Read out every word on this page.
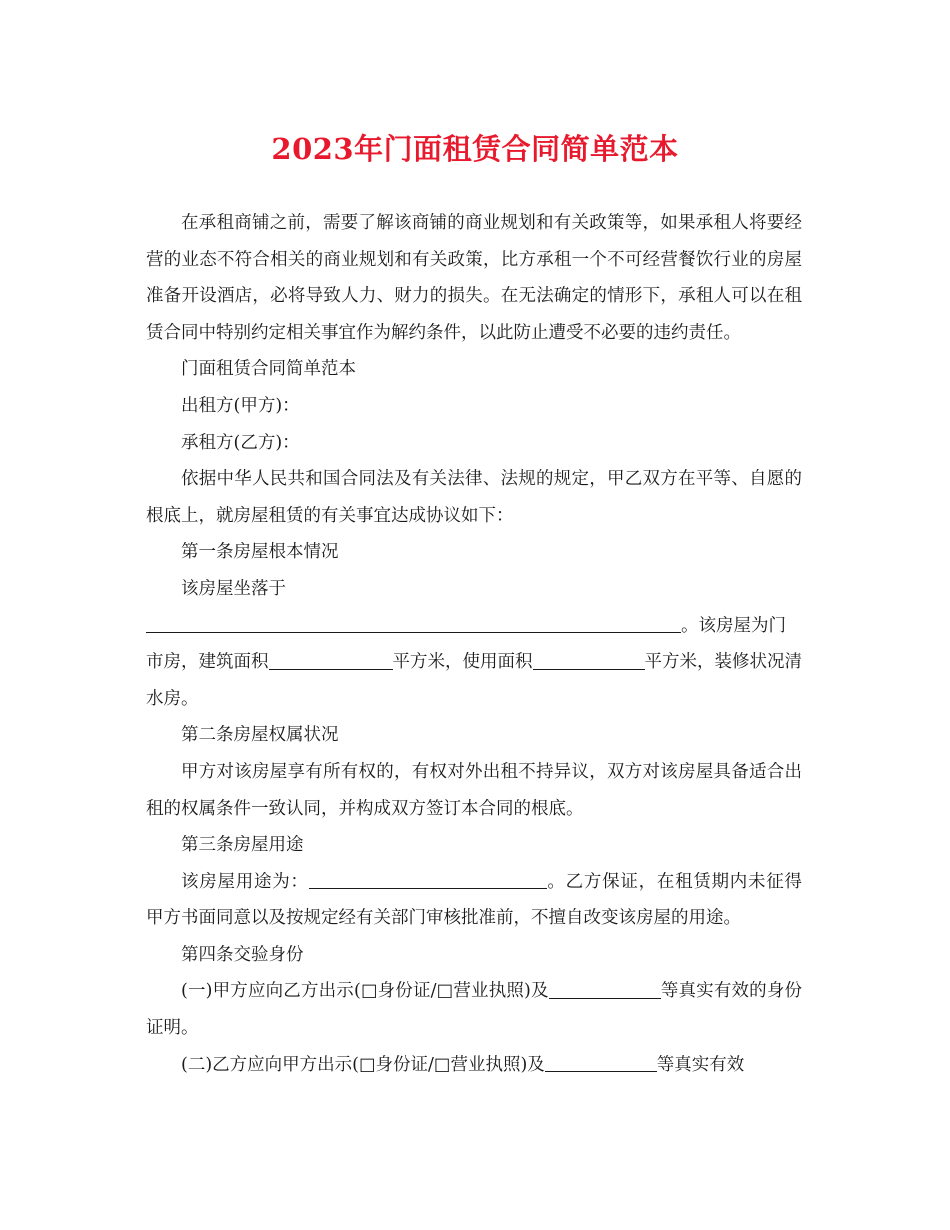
2023年门面租赁合同简单范本

在承租商铺之前，需要了解该商铺的商业规划和有关政策等，如果承租人将要经营的业态不符合相关的商业规划和有关政策，比方承租一个不可经营餐饮行业的房屋准备开设酒店，必将导致人力、财力的损失。在无法确定的情形下，承租人可以在租赁合同中特别约定相关事宜作为解约条件，以此防止遭受不必要的违约责任。

门面租赁合同简单范本

出租方(甲方)：

承租方(乙方)：

依据中华人民共和国合同法及有关法律、法规的规定，甲乙双方在平等、自愿的根底上，就房屋租赁的有关事宜达成协议如下：

第一条房屋根本情况

该房屋坐落于

。该房屋为门

市房，建筑面积	平方米，使用面积	平方米，装修状况清水房。

第二条房屋权属状况

甲方对该房屋享有所有权的，有权对外出租不持异议，双方对该房屋具备适合出租的权属条件一致认同，并构成双方签订本合同的根底。

第三条房屋用途

该房屋用途为：	。乙方保证，在租赁期内未征得甲方书面同意以及按规定经有关部门审核批准前，不擅自改变该房屋的用途。

第四条交验身份

(一)甲方应向乙方出示(□身份证/□营业执照)及	等真实有效的身份证明。

(二)乙方应向甲方出示(□身份证/□营业执照)及	等真实有效
